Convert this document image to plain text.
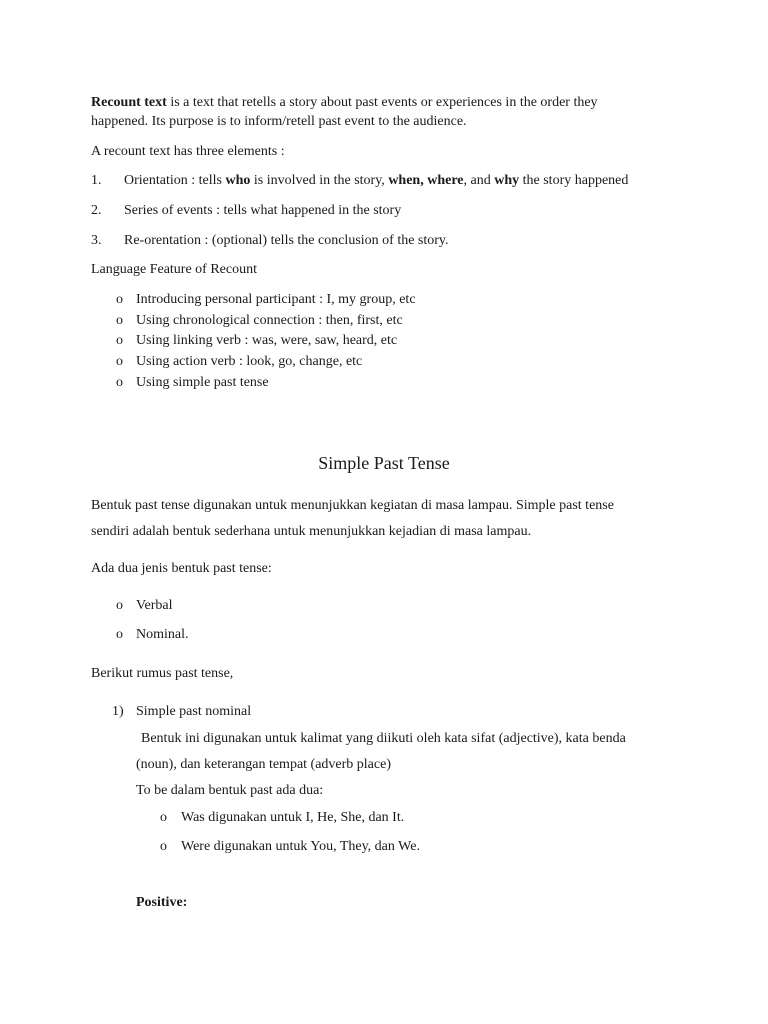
Recount text is a text that retells a story about past events or experiences in the order they
happened. Its purpose is to inform/retell past event to the audience.
A recount text has three elements :
1. Orientation : tells who is involved in the story, when, where, and why the story happened
2. Series of events : tells what happened in the story
3. Re-orentation : (optional) tells the conclusion of the story.
Language Feature of Recount
o Introducing personal participant : I, my group, etc
o Using chronological connection : then, first, etc
o Using linking verb : was, were, saw, heard, etc
o Using action verb : look, go, change, etc
o Using simple past tense
Simple Past Tense
Bentuk past tense digunakan untuk menunjukkan kegiatan di masa lampau. Simple past tense
sendiri adalah bentuk sederhana untuk menunjukkan kejadian di masa lampau.
Ada dua jenis bentuk past tense:
o Verbal
o Nominal.
Berikut rumus past tense,
1) Simple past nominal
Bentuk ini digunakan untuk kalimat yang diikuti oleh kata sifat (adjective), kata benda
(noun), dan keterangan tempat (adverb place)
To be dalam bentuk past ada dua:
o	Was digunakan untuk I, He, She, dan It.
o	Were digunakan untuk You, They, dan We.
Positive:
